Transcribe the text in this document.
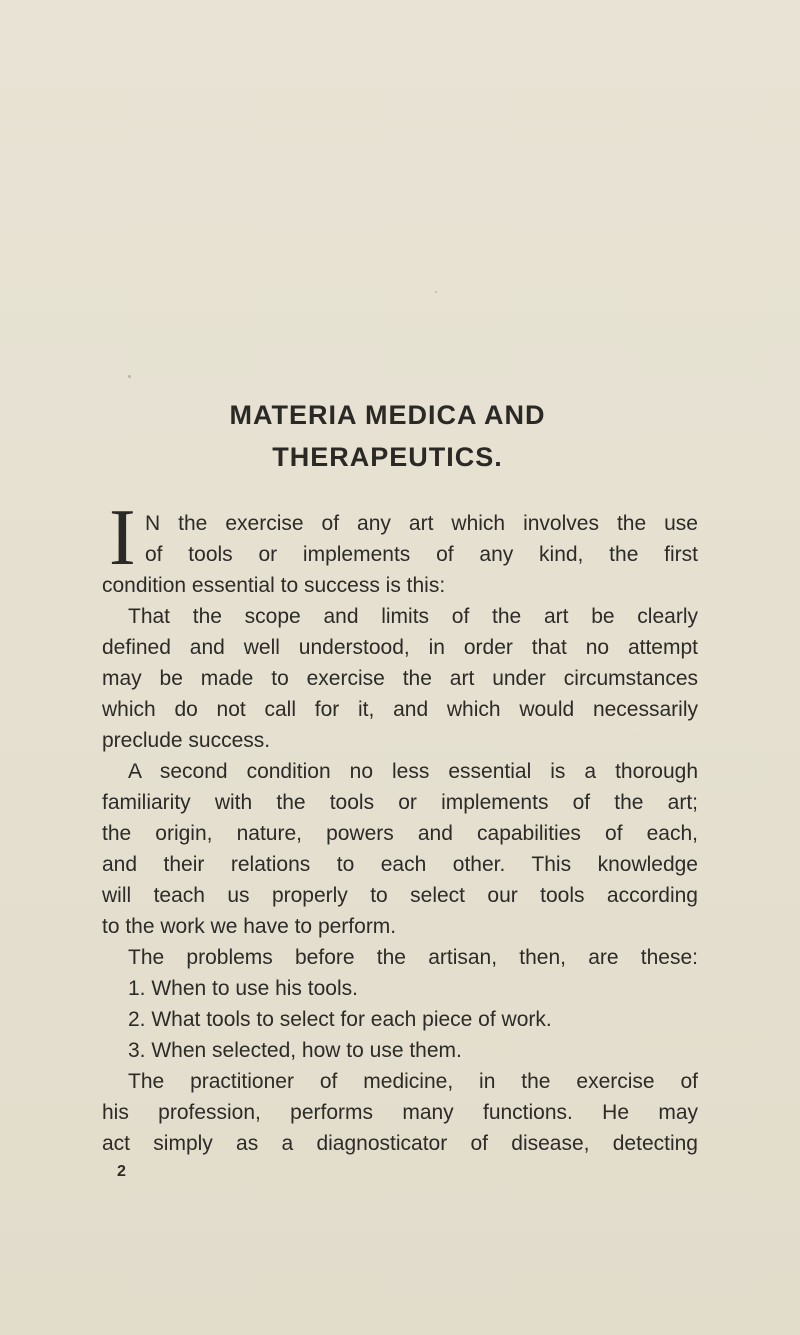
MATERIA MEDICA AND
THERAPEUTICS.
I N the exercise of any art which involves the use
of tools or implements of any kind, the first
condition essential to success is this:
That the scope and limits of the art be clearly
defined and well understood, in order that no attempt
may be made to exercise the art under circumstances
which do not call for it, and which would necessarily
preclude success.
A second condition no less essential is a thorough
familiarity with the tools or implements of the art;
the origin, nature, powers and capabilities of each,
and their relations to each other. This knowledge
will teach us properly to select our tools according
to the work we have to perform.
The problems before the artisan, then, are these:
1. When to use his tools.
2. What tools to select for each piece of work.
3. When selected, how to use them.
The practitioner of medicine, in the exercise of
his profession, performs many functions. He may
act simply as a diagnosticator of disease, detecting
2
